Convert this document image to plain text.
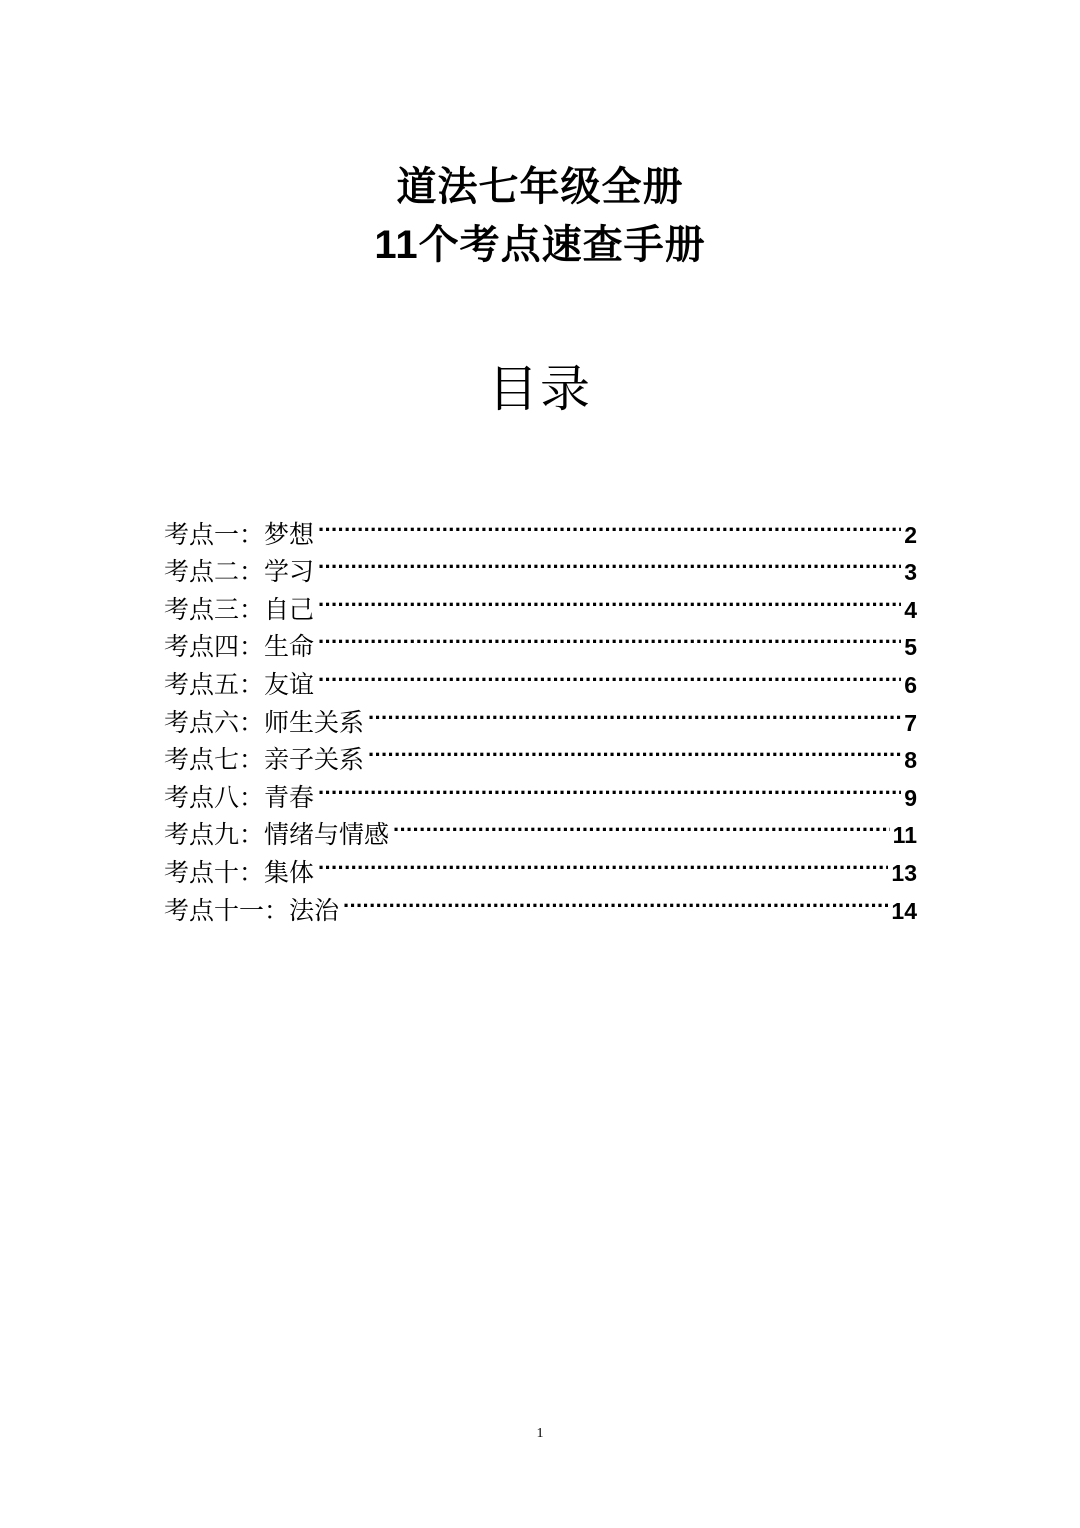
道法七年级全册
11个考点速查手册
目录
考点一：梦想 .....	2
考点二：学习 .....	3
考点三：自己 .....	4
考点四：生命 .....	5
考点五：友谊 .....	6
考点六：师生关系 .....	7
考点七：亲子关系 .....	8
考点八：青春 .....	9
考点九：情绪与情感 .....	11
考点十：集体 .....	13
考点十一：法治 .....	14
1
